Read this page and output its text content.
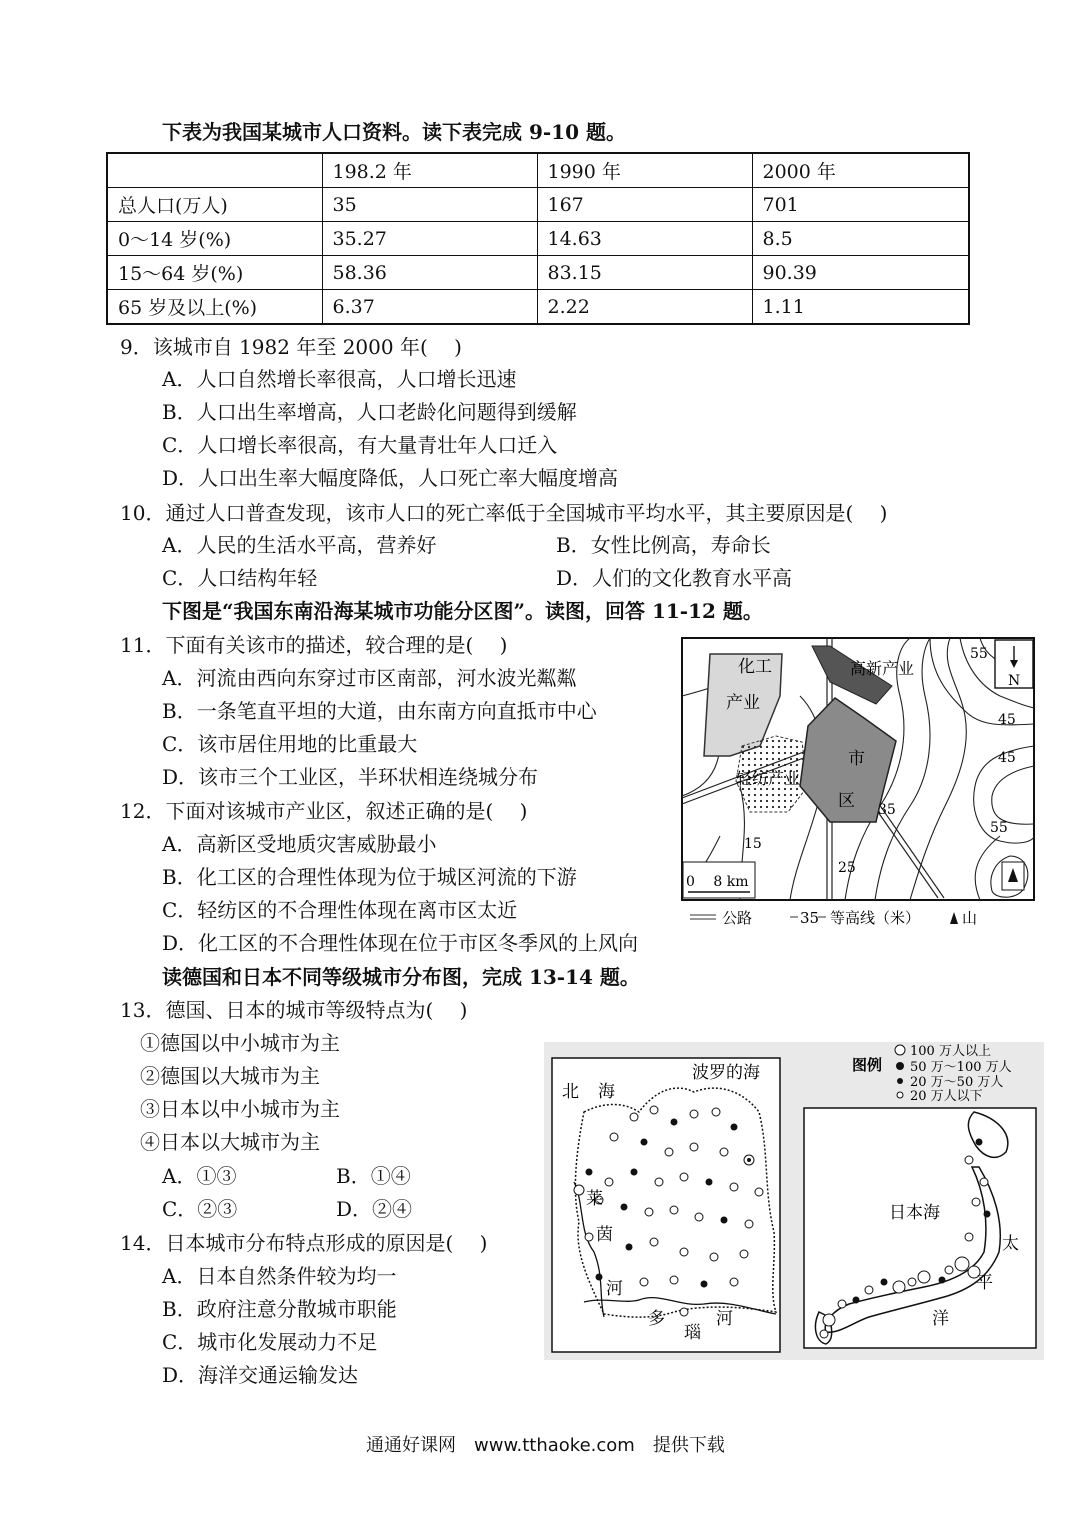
下表为我国某城市人口资料。读下表完成 9-10 题。
	198.2 年	1990 年	2000 年
总人口(万人)	35	167	701
0～14 岁(%)	35.27	14.63	8.5
15～64 岁(%)	58.36	83.15	90.39
65 岁及以上(%)	6.37	2.22	1.11
9．该城市自 1982 年至 2000 年(　 )
A．人口自然增长率很高，人口增长迅速
B．人口出生率增高，人口老龄化问题得到缓解
C．人口增长率很高，有大量青壮年人口迁入
D．人口出生率大幅度降低，人口死亡率大幅度增高
10．通过人口普查发现，该市人口的死亡率低于全国城市平均水平，其主要原因是(　 )
A．人民的生活水平高，营养好	B．女性比例高，寿命长
C．人口结构年轻	D．人们的文化教育水平高
下图是“我国东南沿海某城市功能分区图”。读图，回答 11-12 题。
11．下面有关该市的描述，较合理的是(　 )
A．河流由西向东穿过市区南部，河水波光粼粼
B．一条笔直平坦的大道，由东南方向直抵市中心
C．该市居住用地的比重最大
D．该市三个工业区，半环状相连绕城分布
12．下面对该城市产业区，叙述正确的是(　 )
A．高新区受地质灾害威胁最小
B．化工区的合理性体现为位于城区河流的下游
C．轻纺区的不合理性体现在离市区太近
D．化工区的不合理性体现在位于市区冬季风的上风向
N
化工
产业
高新产业
轻纺产业
市
区
55
45
45
35
55
15
25
0　 8 km
公路	35 等高线（米）	山
读德国和日本不同等级城市分布图，完成 13-14 题。
13．德国、日本的城市等级特点为(　 )
①德国以中小城市为主
②德国以大城市为主
③日本以中小城市为主
④日本以大城市为主
A．①③	B．①④
C．②③	D．②④
14．日本城市分布特点形成的原因是(　 )
A．日本自然条件较为均一
B．政府注意分散城市职能
C．城市化发展动力不足
D．海洋交通运输发达
北 海
波罗的海
莱
茵
河
多
瑙
河
日本海
太
平
洋
图例
100 万人以上
50 万～100 万人
20 万～50 万人
20 万人以下
通通好课网　www.tthaoke.com　提供下载
